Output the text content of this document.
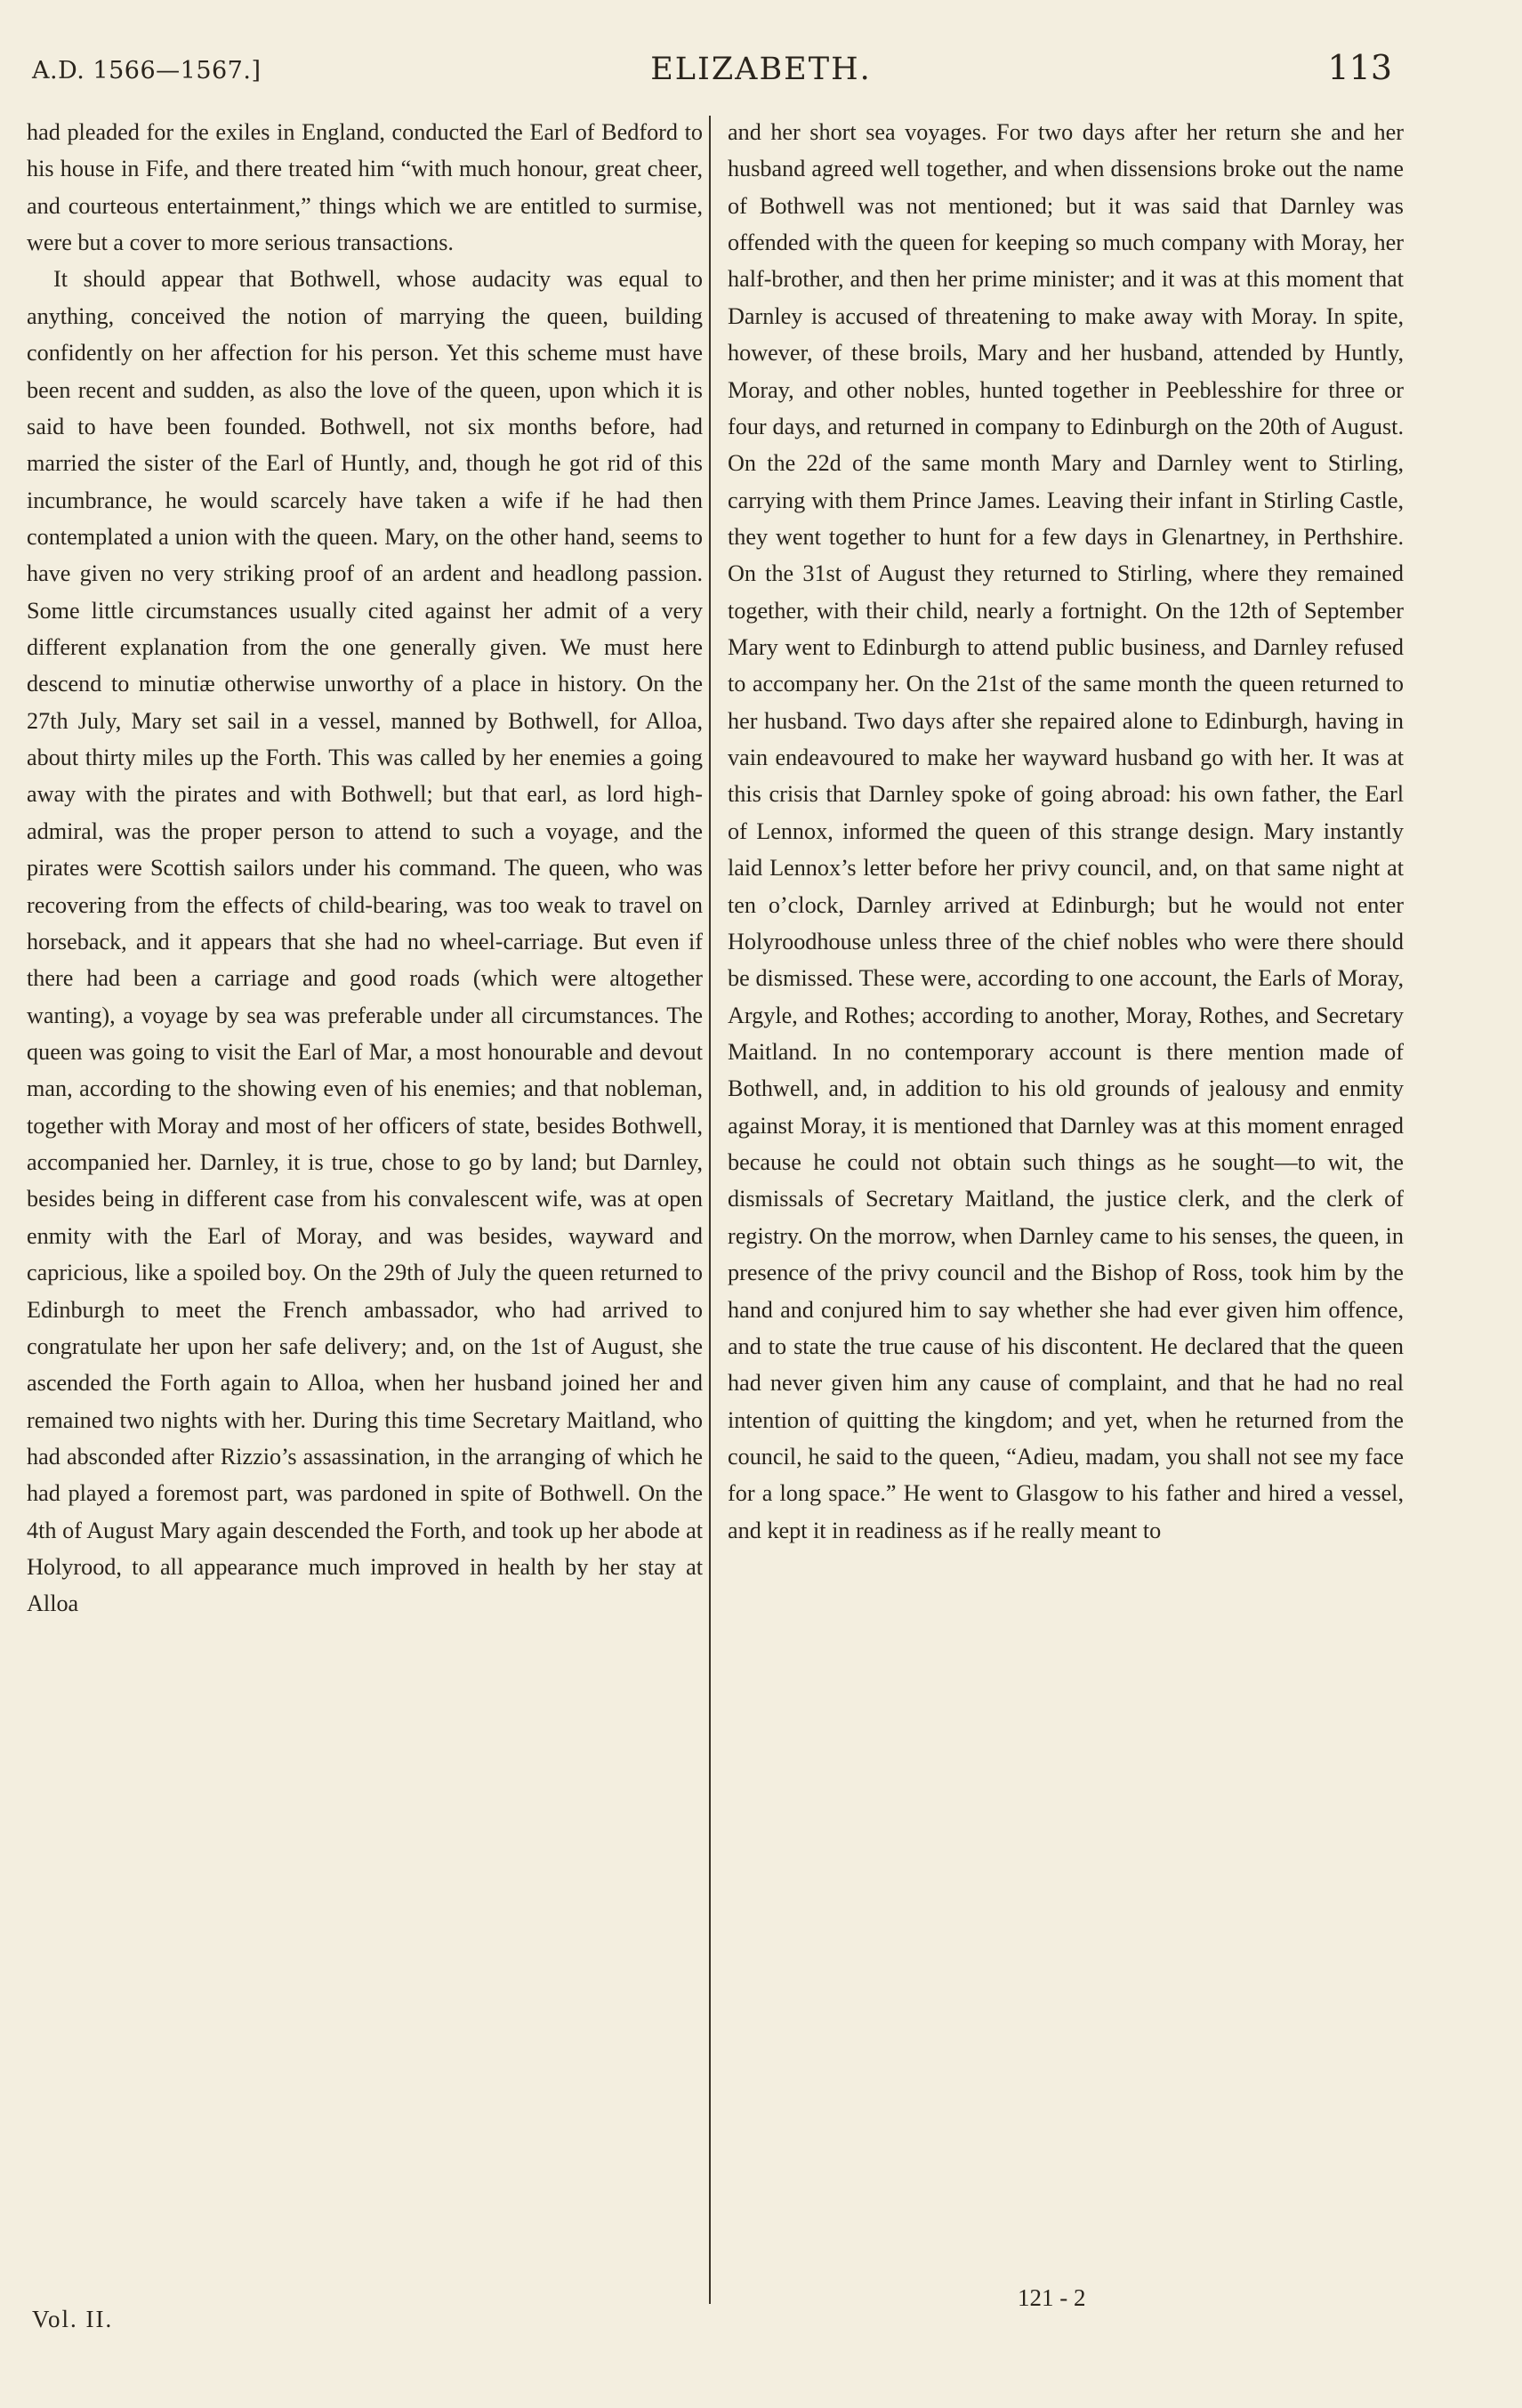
A.D. 1566—1567.]	ELIZABETH.	113

had pleaded for the exiles in England, conducted the Earl of Bedford to his house in Fife, and there treated him “with much honour, great cheer, and courteous entertainment,” things which we are entitled to surmise, were but a cover to more serious transactions.

It should appear that Bothwell, whose audacity was equal to anything, conceived the notion of marrying the queen, building confidently on her affection for his person. Yet this scheme must have been recent and sudden, as also the love of the queen, upon which it is said to have been founded. Bothwell, not six months before, had married the sister of the Earl of Huntly, and, though he got rid of this incumbrance, he would scarcely have taken a wife if he had then contemplated a union with the queen. Mary, on the other hand, seems to have given no very striking proof of an ardent and headlong passion. Some little circumstances usually cited against her admit of a very different explanation from the one generally given. We must here descend to minutiæ otherwise unworthy of a place in history. On the 27th July, Mary set sail in a vessel, manned by Bothwell, for Alloa, about thirty miles up the Forth. This was called by her enemies a going away with the pirates and with Bothwell; but that earl, as lord high-admiral, was the proper person to attend to such a voyage, and the pirates were Scottish sailors under his command. The queen, who was recovering from the effects of child-bearing, was too weak to travel on horseback, and it appears that she had no wheel-carriage. But even if there had been a carriage and good roads (which were altogether wanting), a voyage by sea was preferable under all circumstances. The queen was going to visit the Earl of Mar, a most honourable and devout man, according to the showing even of his enemies; and that nobleman, together with Moray and most of her officers of state, besides Bothwell, accompanied her. Darnley, it is true, chose to go by land; but Darnley, besides being in different case from his convalescent wife, was at open enmity with the Earl of Moray, and was besides, wayward and capricious, like a spoiled boy. On the 29th of July the queen returned to Edinburgh to meet the French ambassador, who had arrived to congratulate her upon her safe delivery; and, on the 1st of August, she ascended the Forth again to Alloa, when her husband joined her and remained two nights with her. During this time Secretary Maitland, who had absconded after Rizzio’s assassination, in the arranging of which he had played a foremost part, was pardoned in spite of Bothwell. On the 4th of August Mary again descended the Forth, and took up her abode at Holyrood, to all appearance much improved in health by her stay at Alloa

and her short sea voyages. For two days after her return she and her husband agreed well together, and when dissensions broke out the name of Bothwell was not mentioned; but it was said that Darnley was offended with the queen for keeping so much company with Moray, her half-brother, and then her prime minister; and it was at this moment that Darnley is accused of threatening to make away with Moray. In spite, however, of these broils, Mary and her husband, attended by Huntly, Moray, and other nobles, hunted together in Peeblesshire for three or four days, and returned in company to Edinburgh on the 20th of August. On the 22d of the same month Mary and Darnley went to Stirling, carrying with them Prince James. Leaving their infant in Stirling Castle, they went together to hunt for a few days in Glenartney, in Perthshire. On the 31st of August they returned to Stirling, where they remained together, with their child, nearly a fortnight. On the 12th of September Mary went to Edinburgh to attend public business, and Darnley refused to accompany her. On the 21st of the same month the queen returned to her husband. Two days after she repaired alone to Edinburgh, having in vain endeavoured to make her wayward husband go with her. It was at this crisis that Darnley spoke of going abroad: his own father, the Earl of Lennox, informed the queen of this strange design. Mary instantly laid Lennox’s letter before her privy council, and, on that same night at ten o’clock, Darnley arrived at Edinburgh; but he would not enter Holyroodhouse unless three of the chief nobles who were there should be dismissed. These were, according to one account, the Earls of Moray, Argyle, and Rothes; according to another, Moray, Rothes, and Secretary Maitland. In no contemporary account is there mention made of Bothwell, and, in addition to his old grounds of jealousy and enmity against Moray, it is mentioned that Darnley was at this moment enraged because he could not obtain such things as he sought—to wit, the dismissals of Secretary Maitland, the justice clerk, and the clerk of registry. On the morrow, when Darnley came to his senses, the queen, in presence of the privy council and the Bishop of Ross, took him by the hand and conjured him to say whether she had ever given him offence, and to state the true cause of his discontent. He declared that the queen had never given him any cause of complaint, and that he had no real intention of quitting the kingdom; and yet, when he returned from the council, he said to the queen, “Adieu, madam, you shall not see my face for a long space.” He went to Glasgow to his father and hired a vessel, and kept it in readiness as if he really meant to

Vol. II.
121 - 2
